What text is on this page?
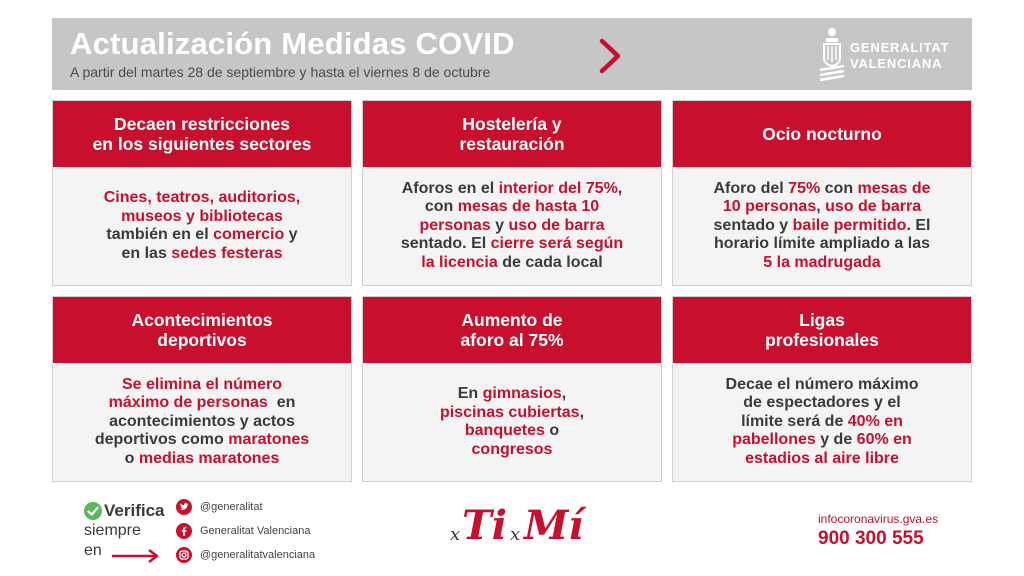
Actualización Medidas COVID
A partir del martes 28 de septiembre y hasta el viernes 8 de octubre
GENERALITAT
VALENCIANA
Decaen restricciones
en los siguientes sectores
Cines, teatros, auditorios,
museos y bibliotecas
también en el comercio y
en las sedes festeras
Hostelería y
restauración
Aforos en el interior del 75%,
con mesas de hasta 10
personas y uso de barra
sentado. El cierre será según
la licencia de cada local
Ocio nocturno
Aforo del 75% con mesas de
10 personas, uso de barra
sentado y baile permitido. El
horario límite ampliado a las
5 la madrugada
Acontecimientos
deportivos
Se elimina el número
máximo de personas  en
acontecimientos y actos
deportivos como maratones
o medias maratones
Aumento de
aforo al 75%
En gimnasios,
piscinas cubiertas,
banquetes o
congresos
Ligas
profesionales
Decae el número máximo
de espectadores y el
límite será de 40% en
pabellones y de 60% en
estadios al aire libre
Verifica
siempre
en
@generalitat
Generalitat Valenciana
@generalitatvalenciana
x Ti x Mí	infocoronavirus.gva.es
900 300 555
